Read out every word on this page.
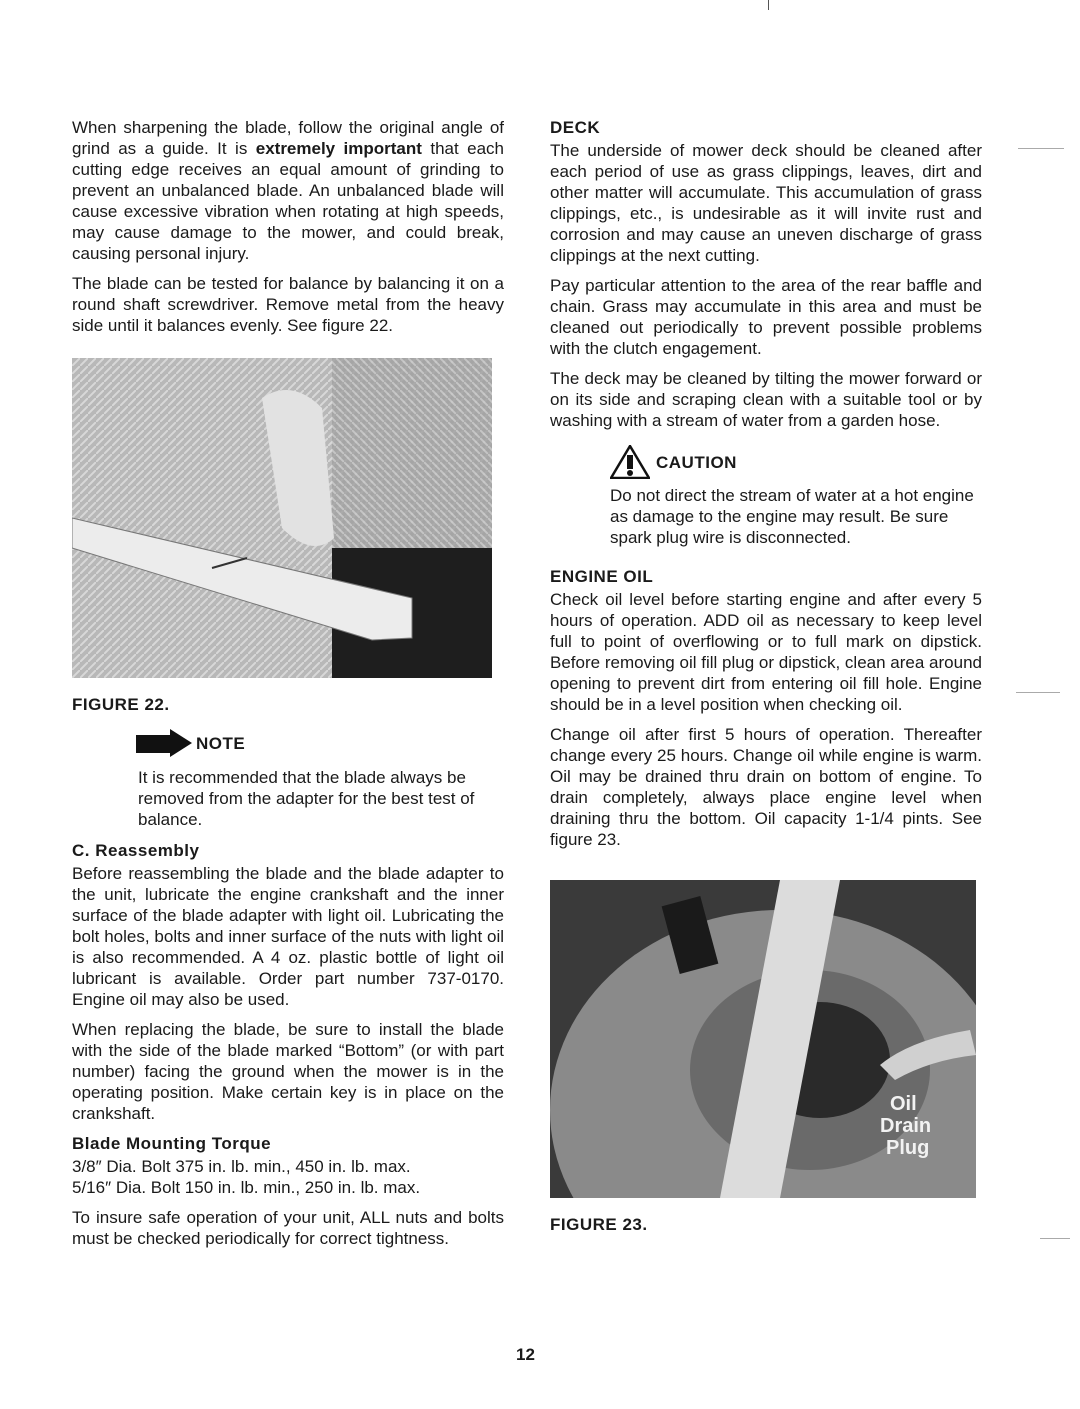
When sharpening the blade, follow the original angle of grind as a guide. It is extremely important that each cutting edge receives an equal amount of grinding to prevent an unbalanced blade. An unbalanced blade will cause excessive vibration when rotating at high speeds, may cause damage to the mower, and could break, causing personal injury.

The blade can be tested for balance by balancing it on a round shaft screwdriver. Remove metal from the heavy side until it balances evenly. See figure 22.

FIGURE 22.
NOTE

It is recommended that the blade always be removed from the adapter for the best test of balance.

C. Reassembly

Before reassembling the blade and the blade adapter to the unit, lubricate the engine crankshaft and the inner surface of the blade adapter with light oil. Lubricating the bolt holes, bolts and inner surface of the nuts with light oil is also recommended. A 4 oz. plastic bottle of light oil lubricant is available. Order part number 737-0170. Engine oil may also be used.

When replacing the blade, be sure to install the blade with the side of the blade marked “Bottom” (or with part number) facing the ground when the mower is in the operating position. Make certain key is in place on the crankshaft.

Blade Mounting Torque

3/8″ Dia. Bolt 375 in. lb. min., 450 in. lb. max.

5/16″ Dia. Bolt 150 in. lb. min., 250 in. lb. max.

To insure safe operation of your unit, ALL nuts and bolts must be checked periodically for correct tightness.

DECK

The underside of mower deck should be cleaned after each period of use as grass clippings, leaves, dirt and other matter will accumulate. This accumulation of grass clippings, etc., is undesirable as it will invite rust and corrosion and may cause an uneven discharge of grass clippings at the next cutting.

Pay particular attention to the area of the rear baffle and chain. Grass may accumulate in this area and must be cleaned out periodically to prevent possible problems with the clutch engagement.

The deck may be cleaned by tilting the mower forward or on its side and scraping clean with a suitable tool or by washing with a stream of water from a garden hose.

CAUTION

Do not direct the stream of water at a hot engine as damage to the engine may result. Be sure spark plug wire is disconnected.

ENGINE OIL

Check oil level before starting engine and after every 5 hours of operation. ADD oil as necessary to keep level full to point of overflowing or to full mark on dipstick. Before removing oil fill plug or dipstick, clean area around opening to prevent dirt from entering oil fill hole. Engine should be in a level position when checking oil.

Change oil after first 5 hours of operation. Thereafter change every 25 hours. Change oil while engine is warm. Oil may be drained thru drain on bottom of engine. To drain completely, always place engine level when draining thru the bottom. Oil capacity 1-1/4 pints. See figure 23.

Oil
Drain
Plug
FIGURE 23.
12
